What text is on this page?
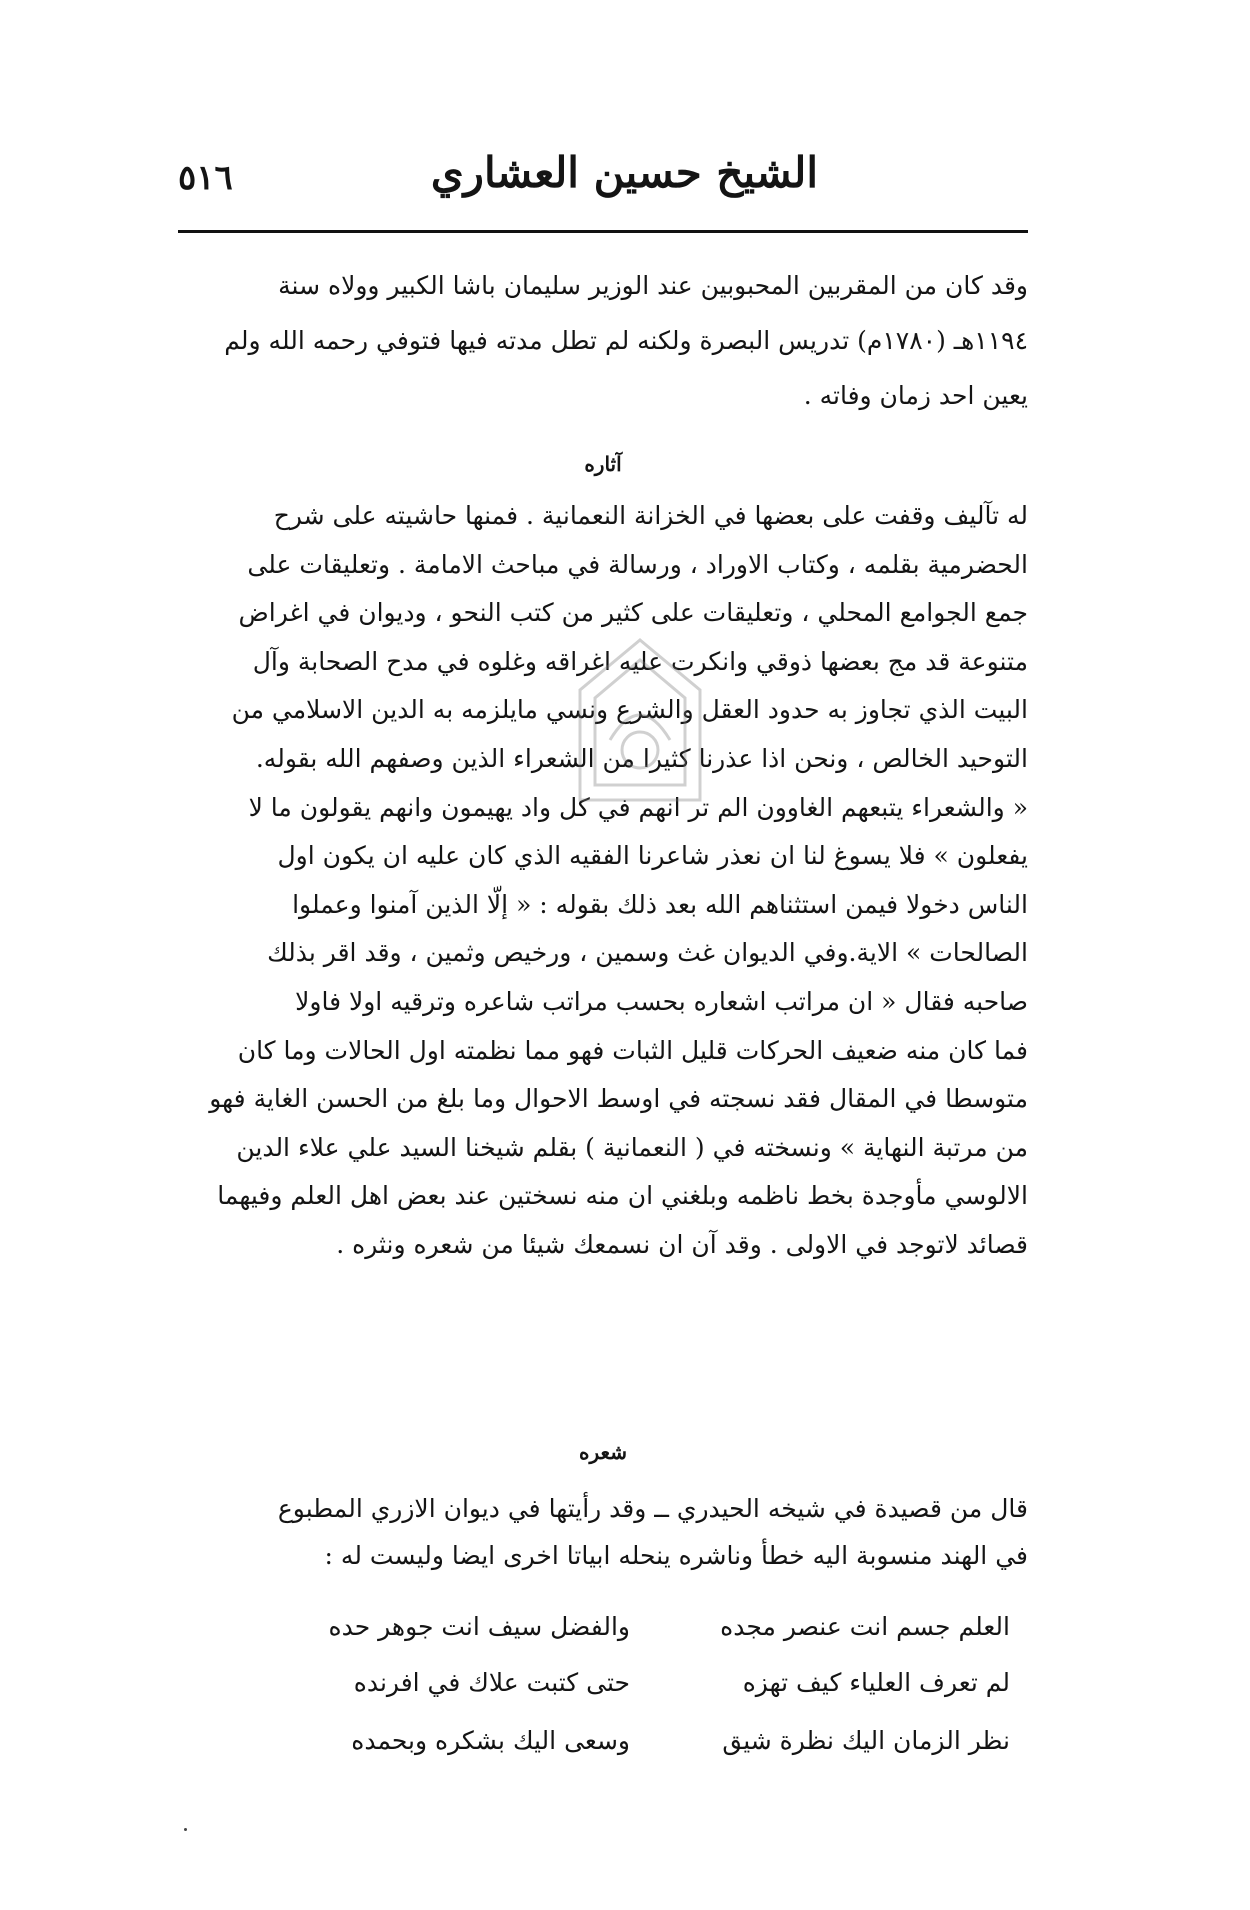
٥١٦	الشيخ حسين العشاري
وقد كان من المقربين المحبوبين عند الوزير سليمان باشا الكبير وولاه سنة
١١٩٤هـ (١٧٨٠م) تدريس البصرة ولكنه لم تطل مدته فيها فتوفي رحمه الله ولم
يعين احد زمان وفاته .
آثاره
له تآليف وقفت على بعضها في الخزانة النعمانية . فمنها حاشيته على شرح
الحضرمية بقلمه ، وكتاب الاوراد ، ورسالة في مباحث الامامة . وتعليقات على
جمع الجوامع المحلي ، وتعليقات على كثير من كتب النحو ، وديوان في اغراض
متنوعة قد مج بعضها ذوقي وانكرت عليه اغراقه وغلوه في مدح الصحابة وآل
البيت الذي تجاوز به حدود العقل والشرع ونسي مايلزمه به الدين الاسلامي من
التوحيد الخالص ، ونحن اذا عذرنا كثيرا من الشعراء الذين وصفهم الله بقوله.
« والشعراء يتبعهم الغاوون الم تر انهم في كل واد يهيمون وانهم يقولون ما لا
يفعلون » فلا يسوغ لنا ان نعذر شاعرنا الفقيه الذي كان عليه ان يكون اول
الناس دخولا فيمن استثناهم الله بعد ذلك بقوله : « إلّا الذين آمنوا وعملوا
الصالحات » الاية.وفي الديوان غث وسمين ، ورخيص وثمين ، وقد اقر بذلك
صاحبه فقال « ان مراتب اشعاره بحسب مراتب شاعره وترقيه اولا فاولا
فما كان منه ضعيف الحركات قليل الثبات فهو مما نظمته اول الحالات وما كان
متوسطا في المقال فقد نسجته في اوسط الاحوال وما بلغ من الحسن الغاية فهو
من مرتبة النهاية » ونسخته في ( النعمانية ) بقلم شيخنا السيد علي علاء الدين
الالوسي مأوجدة بخط ناظمه وبلغني ان منه نسختين عند بعض اهل العلم وفيهما
قصائد لاتوجد في الاولى . وقد آن ان نسمعك شيئا من شعره ونثره .
شعره
قال من قصيدة في شيخه الحيدري ــ وقد رأيتها في ديوان الازري المطبوع
في الهند منسوبة اليه خطأ وناشره ينحله ابياتا اخرى ايضا وليست له :
العلم جسم انت عنصر مجده
والفضل سيف انت جوهر حده
لم تعرف العلياء كيف تهزه
حتى كتبت علاك في افرنده
نظر الزمان اليك نظرة شيق
وسعى اليك بشكره وبحمده
